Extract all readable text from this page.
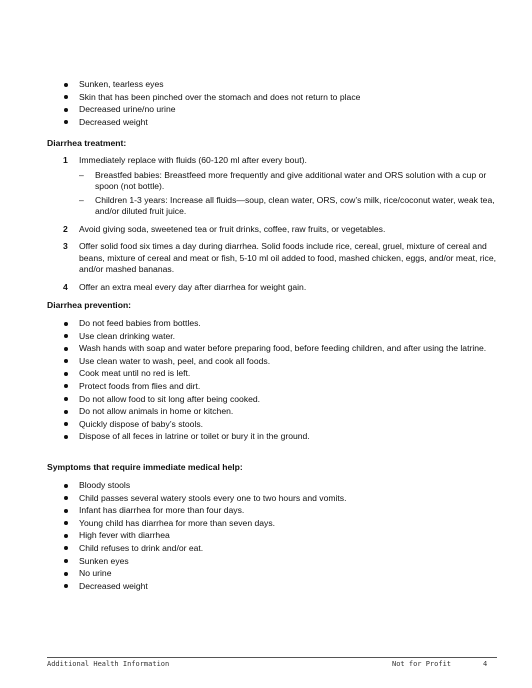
Sunken, tearless eyes
Skin that has been pinched over the stomach and does not return to place
Decreased urine/no urine
Decreased weight
Diarrhea treatment:
1 Immediately replace with fluids (60-120 ml after every bout).
– Breastfed babies: Breastfeed more frequently and give additional water and ORS solution with a cup or spoon (not bottle).
– Children 1-3 years: Increase all fluids—soup, clean water, ORS, cow’s milk, rice/coconut water, weak tea, and/or diluted fruit juice.
2 Avoid giving soda, sweetened tea or fruit drinks, coffee, raw fruits, or vegetables.
3 Offer solid food six times a day during diarrhea. Solid foods include rice, cereal, gruel, mixture of cereal and beans, mixture of cereal and meat or fish, 5-10 ml oil added to food, mashed chicken, eggs, and/or meat, rice, and/or mashed bananas.
4 Offer an extra meal every day after diarrhea for weight gain.
Diarrhea prevention:
Do not feed babies from bottles.
Use clean drinking water.
Wash hands with soap and water before preparing food, before feeding children, and after using the latrine.
Use clean water to wash, peel, and cook all foods.
Cook meat until no red is left.
Protect foods from flies and dirt.
Do not allow food to sit long after being cooked.
Do not allow animals in home or kitchen.
Quickly dispose of baby’s stools.
Dispose of all feces in latrine or toilet or bury it in the ground.
Symptoms that require immediate medical help:
Bloody stools
Child passes several watery stools every one to two hours and vomits.
Infant has diarrhea for more than four days.
Young child has diarrhea for more than seven days.
High fever with diarrhea
Child refuses to drink and/or eat.
Sunken eyes
No urine
Decreased weight
Additional Health Information	Not for Profit	4
